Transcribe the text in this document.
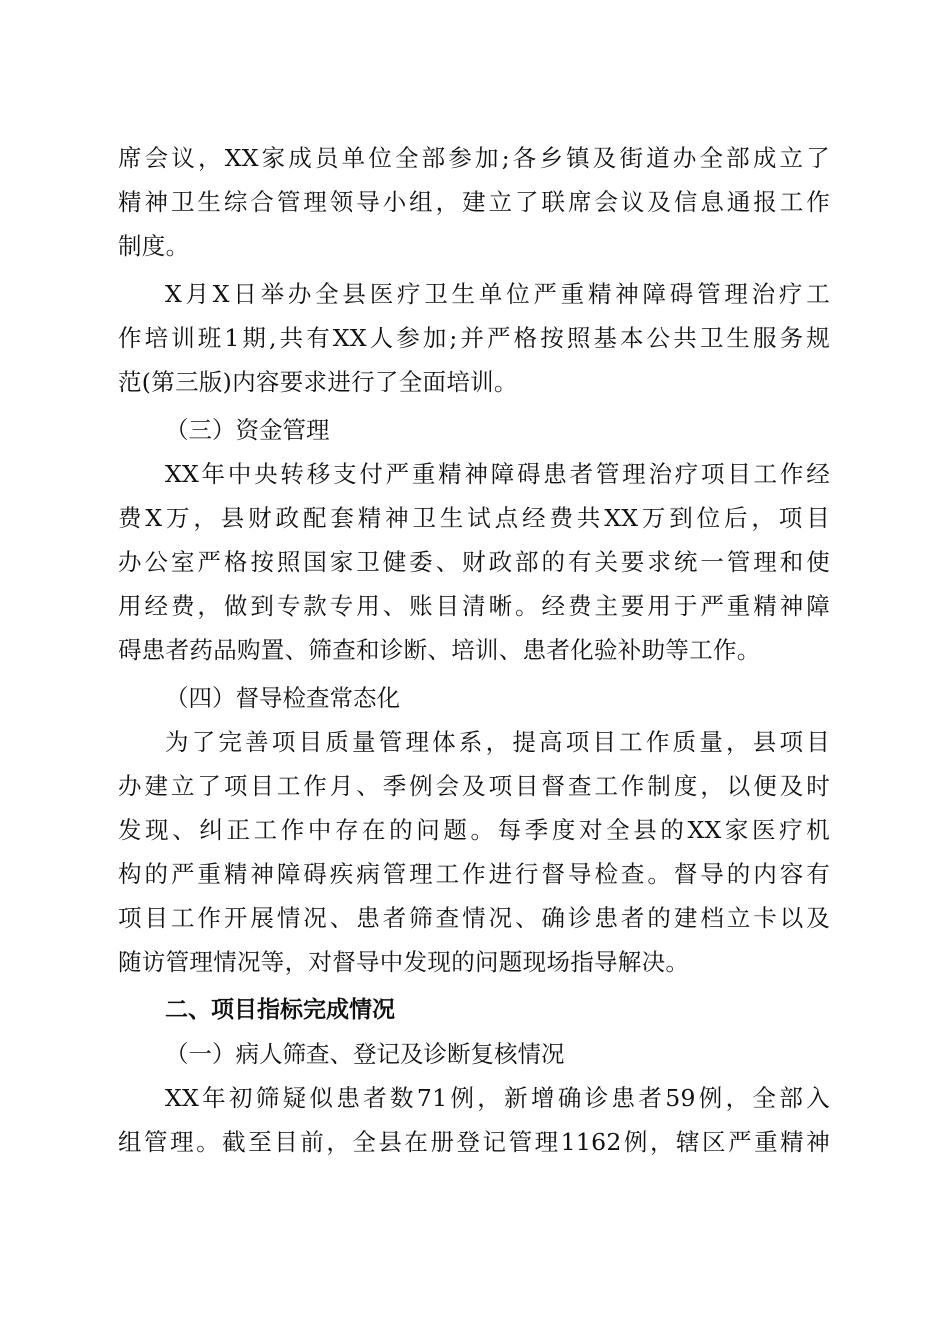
席会议，XX家成员单位全部参加;各乡镇及街道办全部成立了
精神卫生综合管理领导小组，建立了联席会议及信息通报工作
制度。
X月X日举办全县医疗卫生单位严重精神障碍管理治疗工
作培训班1期,共有XX人参加;并严格按照基本公共卫生服务规
范(第三版)内容要求进行了全面培训。
（三）资金管理
XX年中央转移支付严重精神障碍患者管理治疗项目工作经
费X万，县财政配套精神卫生试点经费共XX万到位后，项目
办公室严格按照国家卫健委、财政部的有关要求统一管理和使
用经费，做到专款专用、账目清晰。经费主要用于严重精神障
碍患者药品购置、筛查和诊断、培训、患者化验补助等工作。
（四）督导检查常态化
为了完善项目质量管理体系，提高项目工作质量，县项目
办建立了项目工作月、季例会及项目督查工作制度，以便及时
发现、纠正工作中存在的问题。每季度对全县的XX家医疗机
构的严重精神障碍疾病管理工作进行督导检查。督导的内容有
项目工作开展情况、患者筛查情况、确诊患者的建档立卡以及
随访管理情况等，对督导中发现的问题现场指导解决。
二、项目指标完成情况
（一）病人筛查、登记及诊断复核情况
XX年初筛疑似患者数71例，新增确诊患者59例，全部入
组管理。截至目前，全县在册登记管理1162例，辖区严重精神
